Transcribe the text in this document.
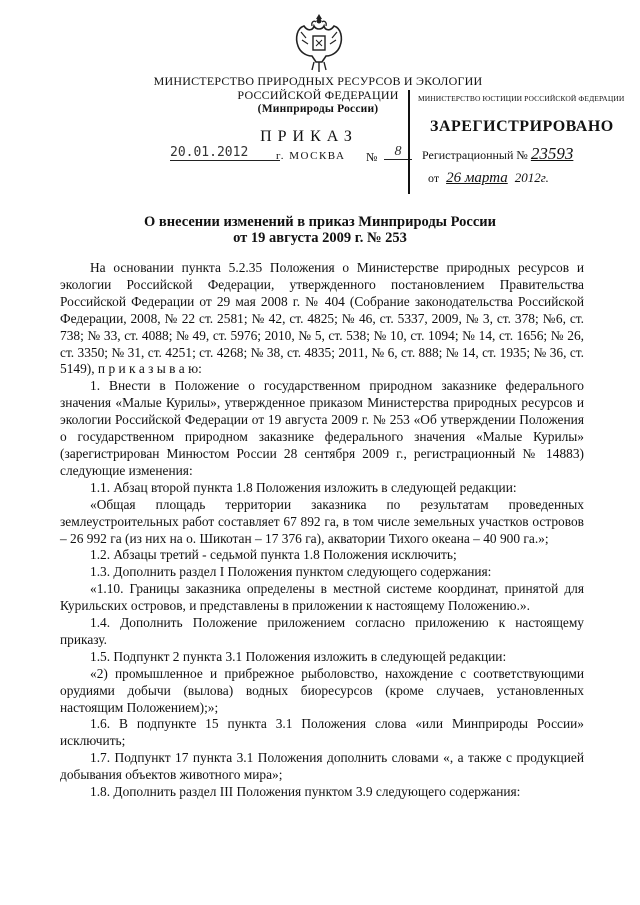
МИНИСТЕРСТВО ПРИРОДНЫХ РЕСУРСОВ И ЭКОЛОГИИ
РОССИЙСКОЙ ФЕДЕРАЦИИ
(Минприроды России)
ПРИКАЗ
г. МОСКВА
20.01.2012	№	8
МИНИСТЕРСТВО ЮСТИЦИИ РОССИЙСКОЙ ФЕДЕРАЦИИ
ЗАРЕГИСТРИРОВАНО
Регистрационный № 23593
от 26 марта 2012г.
О внесении изменений в приказ Минприроды России
от 19 августа 2009 г. № 253

На основании пункта 5.2.35 Положения о Министерстве природных ресурсов и экологии Российской Федерации, утвержденного постановлением Правительства Российской Федерации от 29 мая 2008 г. № 404 (Собрание законодательства Российской Федерации, 2008, № 22 ст. 2581; № 42, ст. 4825; № 46, ст. 5337, 2009, № 3, ст. 378; №6, ст. 738; № 33, ст. 4088; № 49, ст. 5976; 2010, № 5, ст. 538; № 10, ст. 1094; № 14, ст. 1656; № 26, ст. 3350; № 31, ст. 4251; ст. 4268; № 38, ст. 4835; 2011, № 6, ст. 888; № 14, ст. 1935; № 36, ст. 5149), п р и к а з ы в а ю:

1. Внести в Положение о государственном природном заказнике федерального значения «Малые Курилы», утвержденное приказом Министерства природных ресурсов и экологии Российской Федерации от 19 августа 2009 г. № 253 «Об утверждении Положения о государственном природном заказнике федерального значения «Малые Курилы» (зарегистрирован Минюстом России 28 сентября 2009 г., регистрационный № 14883) следующие изменения:

1.1. Абзац второй пункта 1.8 Положения изложить в следующей редакции:

«Общая площадь территории заказника по результатам проведенных землеустроительных работ составляет 67 892 га, в том числе земельных участков островов – 26 992 га (из них на о. Шикотан – 17 376 га), акватории Тихого океана – 40 900 га.»;

1.2. Абзацы третий - седьмой пункта 1.8 Положения исключить;

1.3. Дополнить раздел I Положения пунктом следующего содержания:

«1.10. Границы заказника определены в местной системе координат, принятой для Курильских островов, и представлены в приложении к настоящему Положению.».

1.4. Дополнить Положение приложением согласно приложению к настоящему приказу.

1.5. Подпункт 2 пункта 3.1 Положения изложить в следующей редакции:

«2) промышленное и прибрежное рыболовство, нахождение с соответствующими орудиями добычи (вылова) водных биоресурсов (кроме случаев, установленных настоящим Положением);»;

1.6. В подпункте 15 пункта 3.1 Положения слова «или Минприроды России» исключить;

1.7. Подпункт 17 пункта 3.1 Положения дополнить словами «, а также с продукцией добывания объектов животного мира»;

1.8. Дополнить раздел III Положения пунктом 3.9 следующего содержания:
